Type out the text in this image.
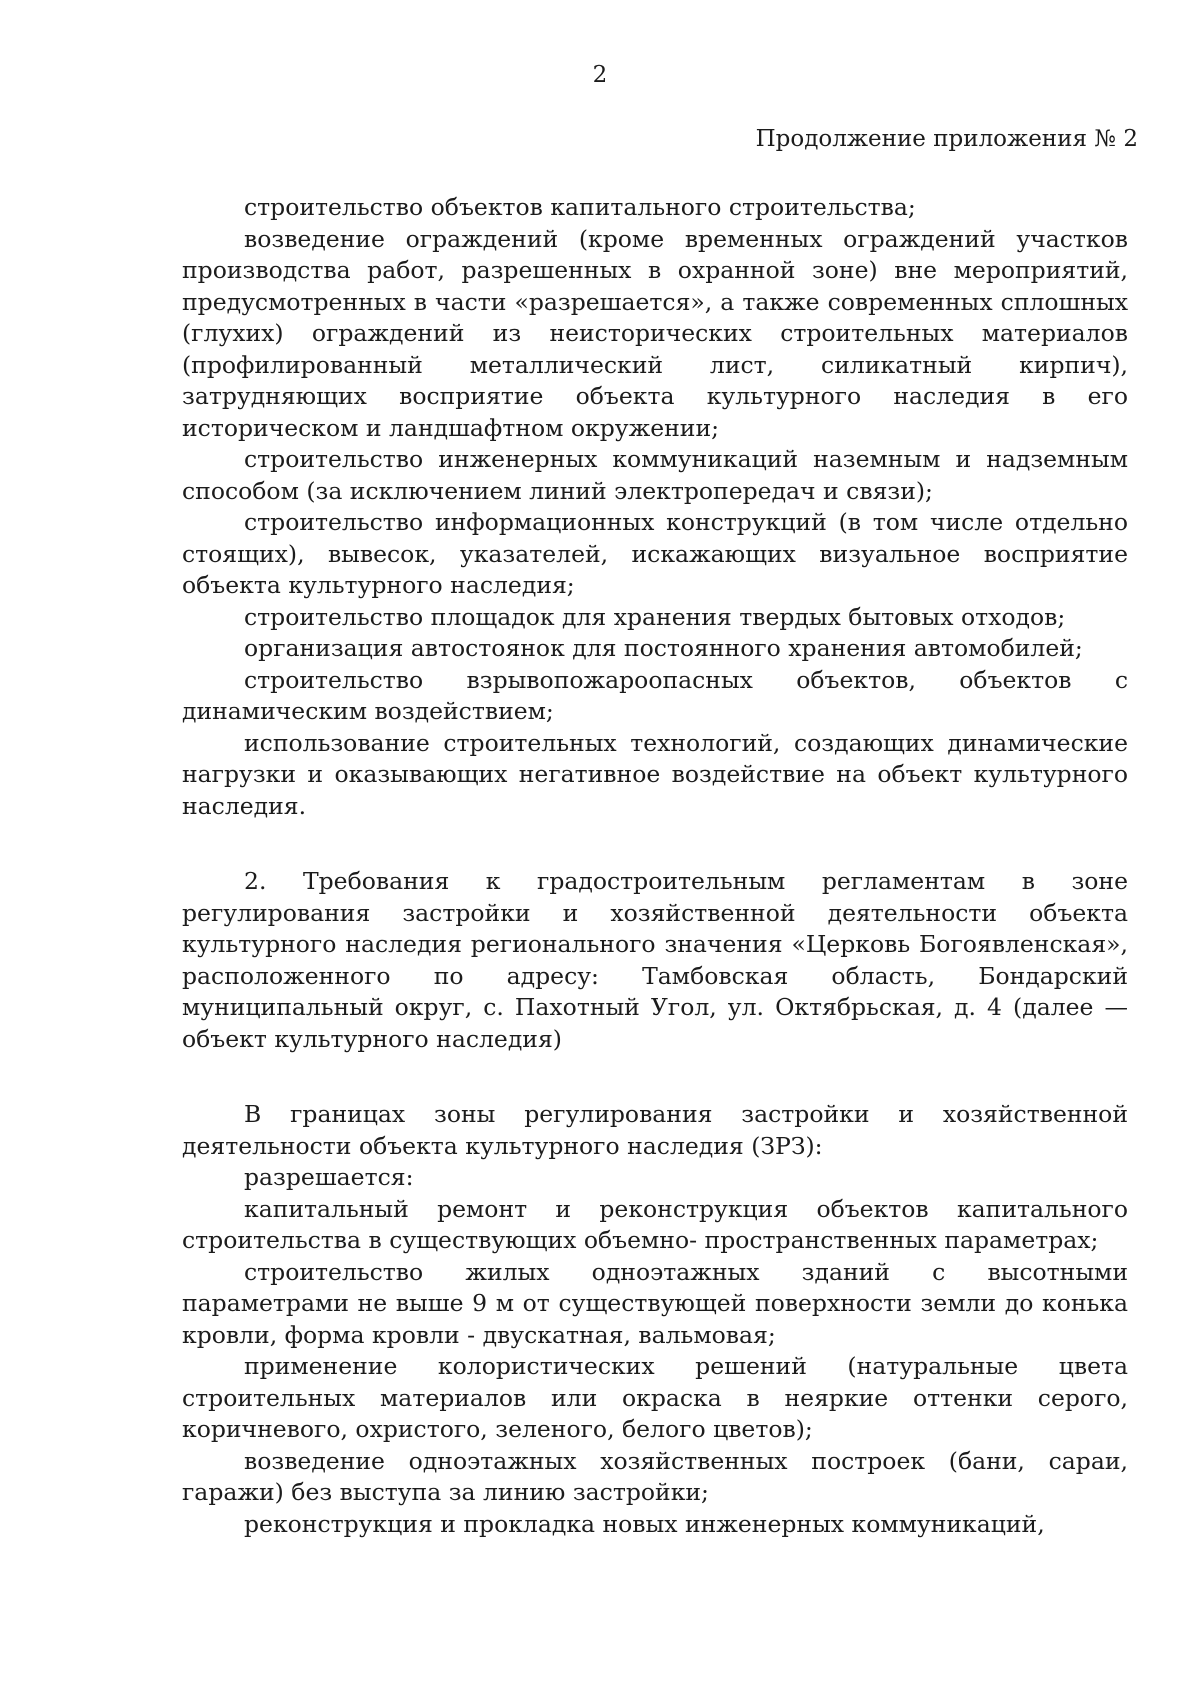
2
Продолжение приложения № 2

строительство объектов капитального строительства;

возведение ограждений (кроме временных ограждений участков производства работ, разрешенных в охранной зоне) вне мероприятий, предусмотренных в части «разрешается», а также современных сплошных (глухих) ограждений из неисторических строительных материалов (профилированный металлический лист, силикатный кирпич), затрудняющих восприятие объекта культурного наследия в его историческом и ландшафтном окружении;

строительство инженерных коммуникаций наземным и надземным способом (за исключением линий электропередач и связи);

строительство информационных конструкций (в том числе отдельно стоящих), вывесок, указателей, искажающих визуальное восприятие объекта культурного наследия;

строительство площадок для хранения твердых бытовых отходов;

организация автостоянок для постоянного хранения автомобилей;

строительство взрывопожароопасных объектов, объектов с динамическим воздействием;

использование строительных технологий, создающих динамические нагрузки и оказывающих негативное воздействие на объект культурного наследия.

2. Требования к градостроительным регламентам в зоне регулирования застройки и хозяйственной деятельности объекта культурного наследия регионального значения «Церковь Богоявленская», расположенного по адресу: Тамбовская область, Бондарский муниципальный округ, с. Пахотный Угол, ул. Октябрьская, д. 4 (далее — объект культурного наследия)

В границах зоны регулирования застройки и хозяйственной деятельности объекта культурного наследия (ЗРЗ):

разрешается:

капитальный ремонт и реконструкция объектов капитального строительства в существующих объемно- пространственных параметрах;

строительство жилых одноэтажных зданий с высотными параметрами не выше 9 м от существующей поверхности земли до конька кровли, форма кровли - двускатная, вальмовая;

применение колористических решений (натуральные цвета строительных материалов или окраска в неяркие оттенки серого, коричневого, охристого, зеленого, белого цветов);

возведение одноэтажных хозяйственных построек (бани, сараи, гаражи) без выступа за линию застройки;

реконструкция и прокладка новых инженерных коммуникаций,
